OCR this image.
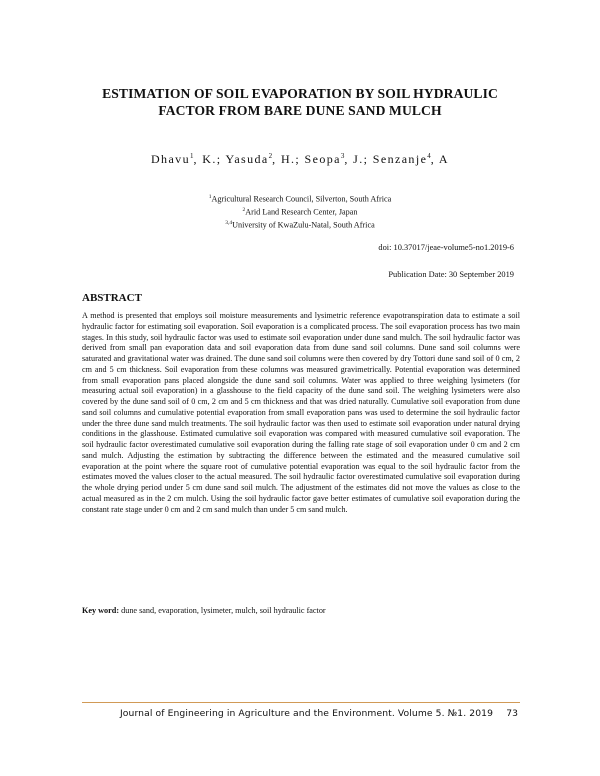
ESTIMATION OF SOIL EVAPORATION BY SOIL HYDRAULIC
FACTOR FROM BARE DUNE SAND MULCH
Dhavu$^1$, K.; Yasuda$^2$, H.; Seopa$^3$, J.; Senzanje$^4$, A
$^1$Agricultural Research Council, Silverton, South Africa
$^2$Arid Land Research Center, Japan
$^{3,4}$University of KwaZulu-Natal, South Africa
doi: 10.37017/jeae-volume5-no1.2019-6
Publication Date: 30 September 2019
ABSTRACT

A method is presented that employs soil moisture measurements and lysimetric reference evapotranspiration data to estimate a soil hydraulic factor for estimating soil evaporation. Soil evaporation is a complicated process. The soil evaporation process has two main stages. In this study, soil hydraulic factor was used to estimate soil evaporation under dune sand mulch. The soil hydraulic factor was derived from small pan evaporation data and soil evaporation data from dune sand soil columns. Dune sand soil columns were saturated and gravitational water was drained. The dune sand soil columns were then covered by dry Tottori dune sand soil of 0 cm, 2 cm and 5 cm thickness. Soil evaporation from these columns was measured gravimetrically. Potential evaporation was determined from small evaporation pans placed alongside the dune sand soil columns. Water was applied to three weighing lysimeters (for measuring actual soil evaporation) in a glasshouse to the field capacity of the dune sand soil. The weighing lysimeters were also covered by the dune sand soil of 0 cm, 2 cm and 5 cm thickness and that was dried naturally. Cumulative soil evaporation from dune sand soil columns and cumulative potential evaporation from small evaporation pans was used to determine the soil hydraulic factor under the three dune sand mulch treatments. The soil hydraulic factor was then used to estimate soil evaporation under natural drying conditions in the glasshouse. Estimated cumulative soil evaporation was compared with measured cumulative soil evaporation. The soil hydraulic factor overestimated cumulative soil evaporation during the falling rate stage of soil evaporation under 0 cm and 2 cm sand mulch. Adjusting the estimation by subtracting the difference between the estimated and the measured cumulative soil evaporation at the point where the square root of cumulative potential evaporation was equal to the soil hydraulic factor from the estimates moved the values closer to the actual measured. The soil hydraulic factor overestimated cumulative soil evaporation during the whole drying period under 5 cm dune sand soil mulch. The adjustment of the estimates did not move the values as close to the actual measured as in the 2 cm mulch. Using the soil hydraulic factor gave better estimates of cumulative soil evaporation during the constant rate stage under 0 cm and 2 cm sand mulch than under 5 cm sand mulch.

Key word: dune sand, evaporation, lysimeter, mulch, soil hydraulic factor
Journal of Engineering in Agriculture and the Environment. Volume 5. №1. 2019 73
